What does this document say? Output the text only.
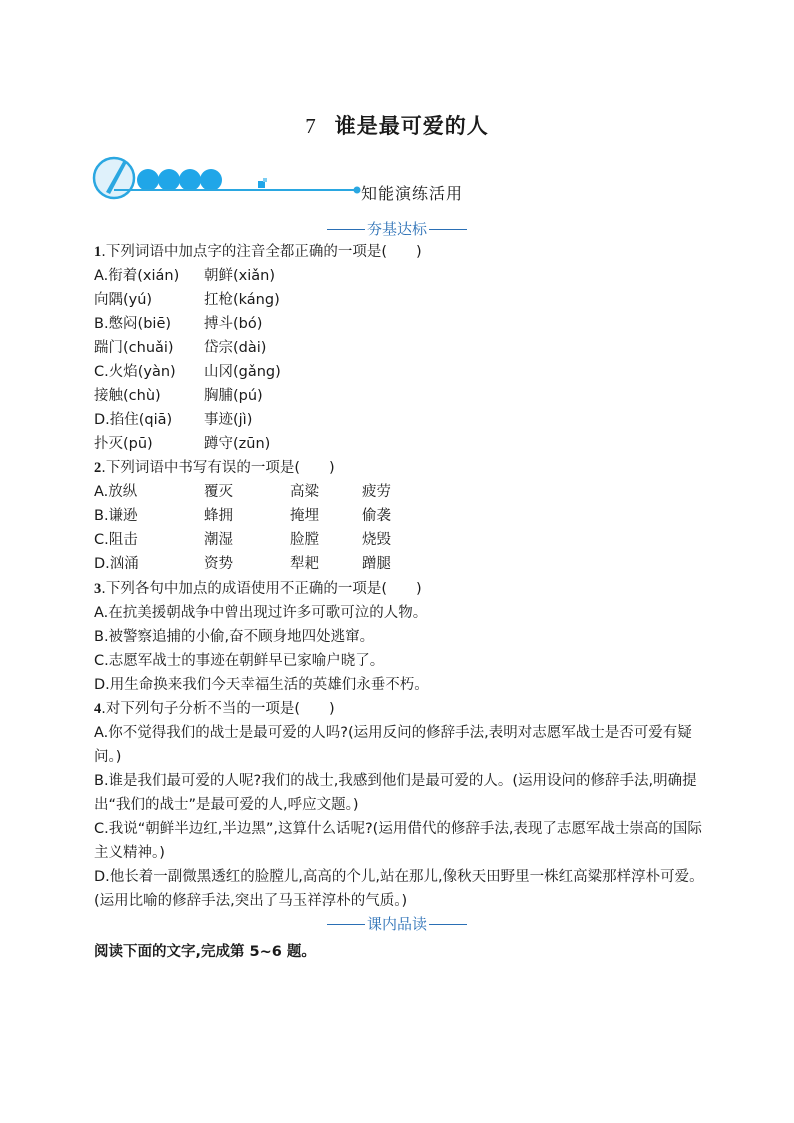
7 谁是最可爱的人
知能演练活用
夯基达标
1.下列词语中加点字的注音全都正确的一项是(　　)
A.衔着(xián) 朝鲜(xiǎn)
向隅(yú)	扛枪(káng)
B.憋闷(biē) 搏斗(bó)
踹门(chuǎi) 岱宗(dài)
C.火焰(yàn) 山冈(gǎng)
接触(chù)	胸脯(pú)
D.掐住(qiā) 事迹(jì)
扑灭(pū)	蹲守(zūn)
2.下列词语中书写有误的一项是(　　)
A.放纵	覆灭	高粱	疲劳
B.谦逊	蜂拥	掩埋	偷袭
C.阻击	潮湿	脸膛	烧毁
D.汹涌	资势	犁耙	蹭腿
3.下列各句中加点的成语使用不正确的一项是(　　)
A.在抗美援朝战争中曾出现过许多可歌可泣的人物。
B.被警察追捕的小偷,奋不顾身地四处逃窜。
C.志愿军战士的事迹在朝鲜早已家喻户晓了。
D.用生命换来我们今天幸福生活的英雄们永垂不朽。
4.对下列句子分析不当的一项是(　　)
A.你不觉得我们的战士是最可爱的人吗?(运用反问的修辞手法,表明对志愿军战士是否可爱有疑问。)
B.谁是我们最可爱的人呢?我们的战士,我感到他们是最可爱的人。(运用设问的修辞手法,明确提出“我们的战士”是最可爱的人,呼应文题。)
C.我说“朝鲜半边红,半边黑”,这算什么话呢?(运用借代的修辞手法,表现了志愿军战士崇高的国际主义精神。)
D.他长着一副微黑透红的脸膛儿,高高的个儿,站在那儿,像秋天田野里一株红高粱那样淳朴可爱。(运用比喻的修辞手法,突出了马玉祥淳朴的气质。)
课内品读
阅读下面的文字,完成第 5~6 题。
